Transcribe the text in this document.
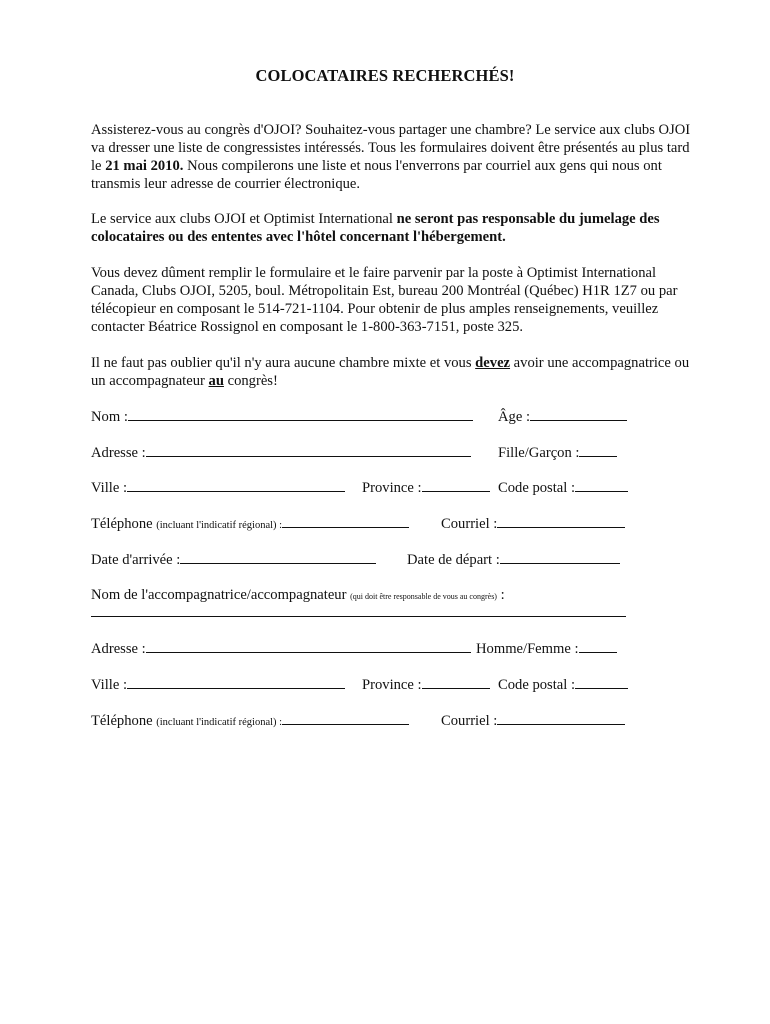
COLOCATAIRES RECHERCHÉS!
Assisterez-vous au congrès d'OJOI? Souhaitez-vous partager une chambre? Le service aux clubs OJOI va dresser une liste de congressistes intéressés. Tous les formulaires doivent être présentés au plus tard le 21 mai 2010. Nous compilerons une liste et nous l'enverrons par courriel aux gens qui nous ont transmis leur adresse de courrier électronique.
Le service aux clubs OJOI et Optimist International ne seront pas responsable du jumelage des colocataires ou des ententes avec l'hôtel concernant l'hébergement.
Vous devez dûment remplir le formulaire et le faire parvenir par la poste à Optimist International Canada, Clubs OJOI, 5205, boul. Métropolitain Est, bureau 200 Montréal (Québec) H1R 1Z7 ou par télécopieur en composant le 514-721-1104. Pour obtenir de plus amples renseignements, veuillez contacter Béatrice Rossignol en composant le 1-800-363-7151, poste 325.
Il ne faut pas oublier qu'il n'y aura aucune chambre mixte et vous devez avoir une accompagnatrice ou un accompagnateur au congrès!
Nom :	Âge :
Adresse :	Fille/Garçon :
Ville :	Province :	Code postal :
Téléphone (incluant l'indicatif régional) :	Courriel :
Date d'arrivée :	Date de départ :
Nom de l'accompagnatrice/accompagnateur (qui doit être responsable de vous au congrès) :
Adresse :	Homme/Femme :
Ville :	Province :	Code postal :
Téléphone (incluant l'indicatif régional) :	Courriel :
